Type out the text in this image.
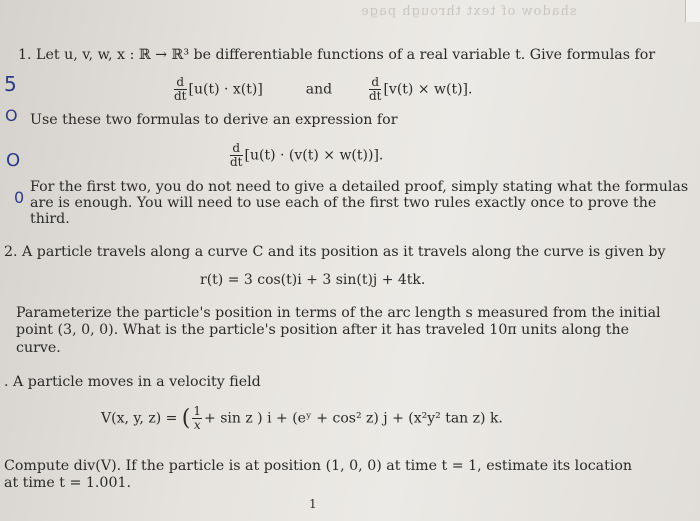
shadow of text through page
1. Let u, v, w, x : ℝ → ℝ³ be differentiable functions of a real variable t. Give formulas for
$\frac{d}{dt} [u(t) \cdot x(t)]$	and	$\frac{d}{dt} [v(t) \times w(t)]$.
Use these two formulas to derive an expression for
$\frac{d}{dt} [u(t) \cdot (v(t) \times w(t))]$.
For the first two, you do not need to give a detailed proof, simply stating what the formulas
are is enough. You will need to use each of the first two rules exactly once to prove the
third.
2. A particle travels along a curve C and its position as it travels along the curve is given by
r(t) = 3 cos(t)i + 3 sin(t)j + 4tk.
Parameterize the particle's position in terms of the arc length s measured from the initial
point (3, 0, 0). What is the particle's position after it has traveled 10π units along the
curve.
. A particle moves in a velocity field
V(x, y, z) = ( $\frac{1}{x} + \sin z$ ) i + (eʸ + cos² z) j + (x²y² tan z) k.
Compute div(V). If the particle is at position (1, 0, 0) at time t = 1, estimate its location
at time t = 1.001.
5
O
O
0
1
